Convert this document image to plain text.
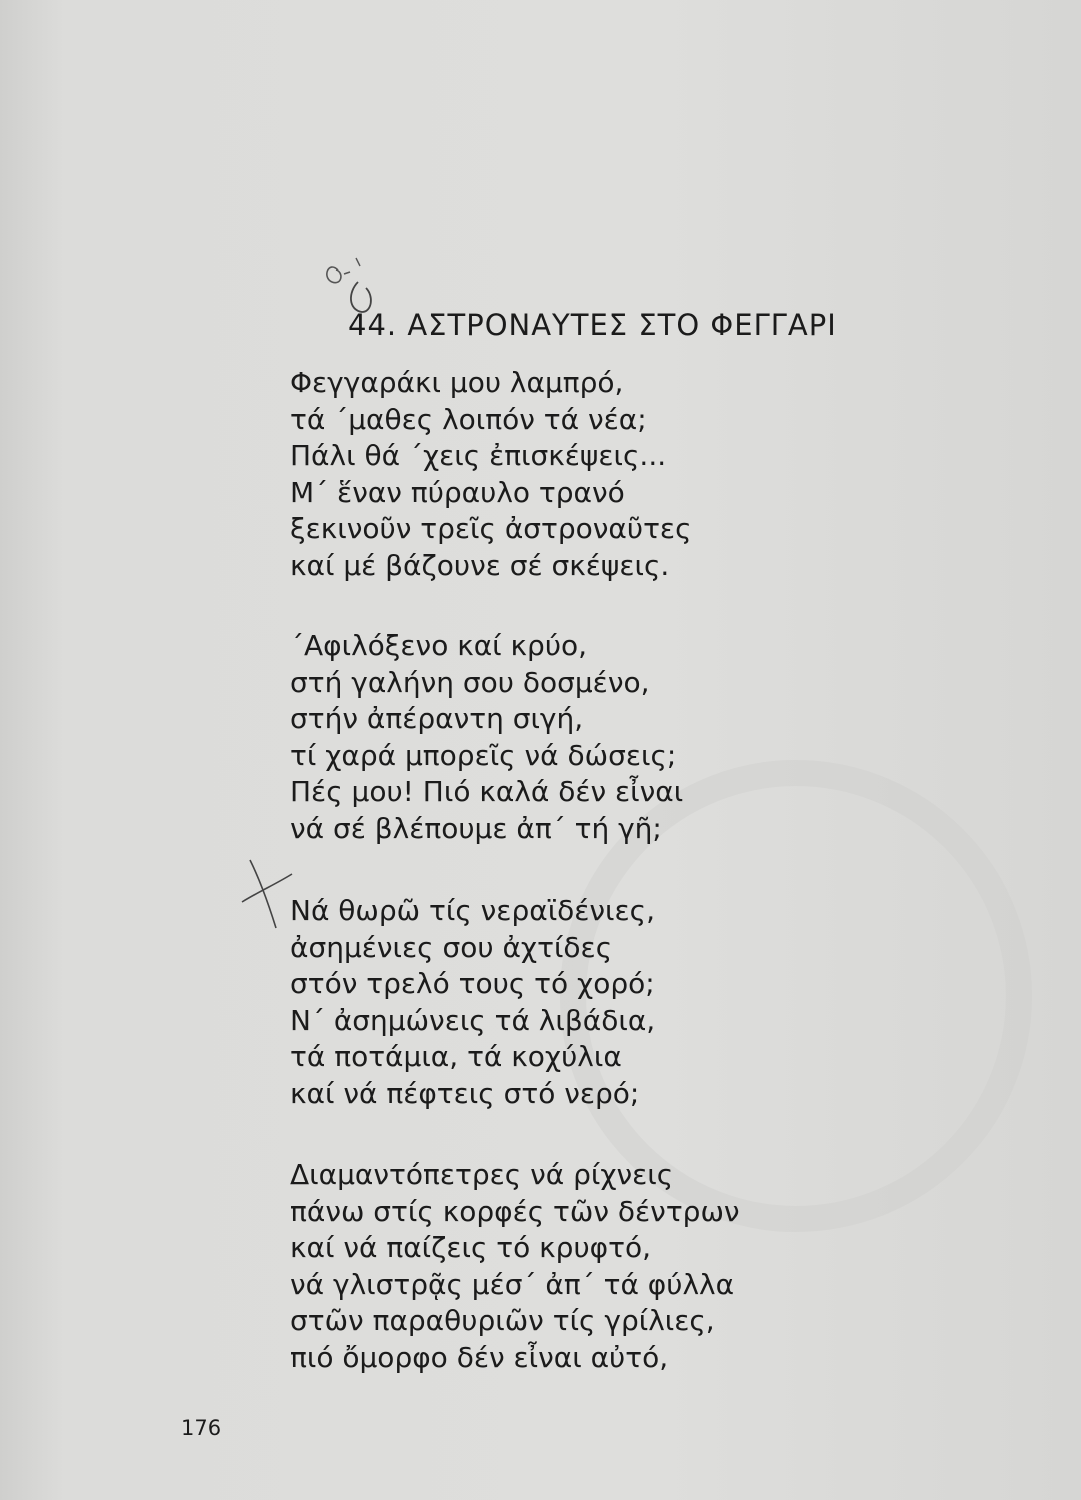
44. ΑΣΤΡΟΝΑΥΤΕΣ ΣΤΟ ΦΕΓΓΑΡΙ
Φεγγαράκι μου λαμπρό,
τά ΄μαθες λοιπόν τά νέα;
Πάλι θά ΄χεις ἐπισκέψεις...
Μ΄ ἕναν πύραυλο τρανό
ξεκινοῦν τρεῖς ἀστροναῦτες
καί μέ βάζουνε σέ σκέψεις.
΄Αφιλόξενο καί κρύο,
στή γαλήνη σου δοσμένο,
στήν ἀπέραντη σιγή,
τί χαρά μπορεῖς νά δώσεις;
Πές μου! Πιό καλά δέν εἶναι
νά σέ βλέπουμε ἀπ΄ τή γῆ;
Νά θωρῶ τίς νεραϊδένιες,
ἀσημένιες σου ἀχτίδες
στόν τρελό τους τό χορό;
Ν΄ ἀσημώνεις τά λιβάδια,
τά ποτάμια, τά κοχύλια
καί νά πέφτεις στό νερό;
Διαμαντόπετρες νά ρίχνεις
πάνω στίς κορφές τῶν δέντρων
καί νά παίζεις τό κρυφτό,
νά γλιστρᾷς μέσ΄ ἀπ΄ τά φύλλα
στῶν παραθυριῶν τίς γρίλιες,
πιό ὄμορφο δέν εἶναι αὐτό,
176
